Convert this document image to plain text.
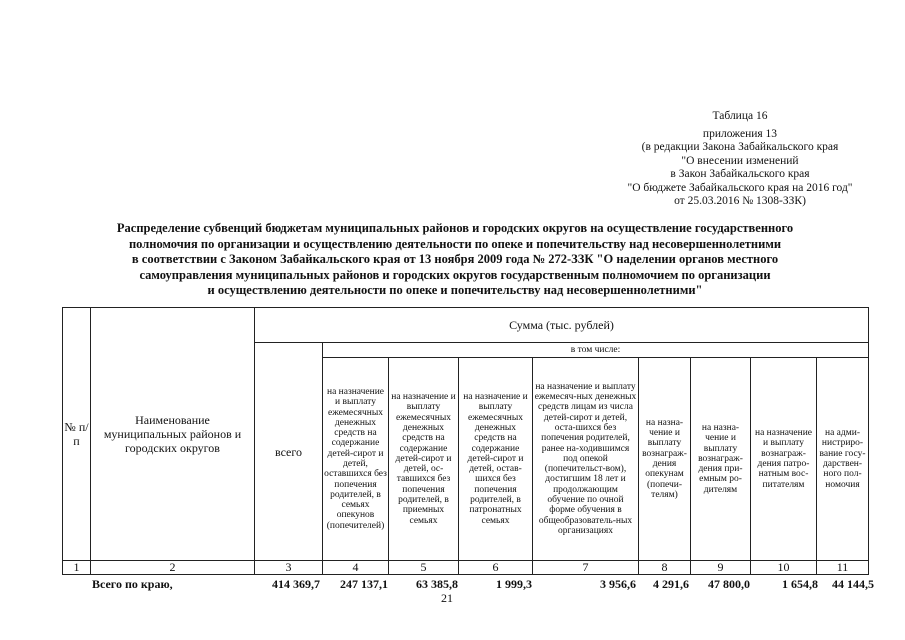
Таблица 16
приложения 13
(в редакции Закона Забайкальского края
"О внесении изменений
в Закон Забайкальского края
"О бюджете Забайкальского края на 2016 год"
от 25.03.2016 № 1308-ЗЗК)
Распределение субвенций бюджетам муниципальных районов и городских округов на осуществление государственного
полномочия по организации и осуществлению деятельности по опеке и попечительству над несовершеннолетними
в соответствии с Законом Забайкальского края от 13 ноября 2009 года № 272-ЗЗК "О наделении органов местного
самоуправления муниципальных районов и городских округов государственным полномочием по организации
и осуществлению деятельности по опеке и попечительству над несовершеннолетними"
№ п/п	Наименование муниципальных районов и городских округов	Сумма (тыс. рублей)								
		всего	в том числе:							
			на назначение и выплату ежемесячных денежных средств на содержание детей-сирот и детей, оставшихся без попечения родителей, в семьях опекунов (попечителей)	на назначение и выплату ежемесячных денежных средств на содержание детей-сирот и детей, ос-тавшихся без попечения родителей, в приемных семьях	на назначение и выплату ежемесячных денежных средств на содержание детей-сирот и детей, остав-шихся без попечения родителей, в патронатных семьях	на назначение и выплату ежемесяч-ных денежных средств лицам из числа детей-сирот и детей, оста-шихся без попечения родителей, ранее на-ходившимся под опекой (попечительст-вом), достигшим 18 лет и продолжающим обучение по очной форме обучения в общеобразователь-ных организациях	на назна-чение и выплату вознаграж-дения опекунам (попечи-телям)	на назна-чение и выплату вознаграж-дения при-емным ро-дителям	на назначение и выплату вознаграж-дения патро-натным вос-питателям	на адми-нистриро-вание госу-дарствен-ного пол-номочия
1	2	3	4	5	6	7	8	9	10	11
Всего по краю,	414 369,7	247 137,1	63 385,8	1 999,3	3 956,6	4 291,6	47 800,0	1 654,8	44 144,5
21
